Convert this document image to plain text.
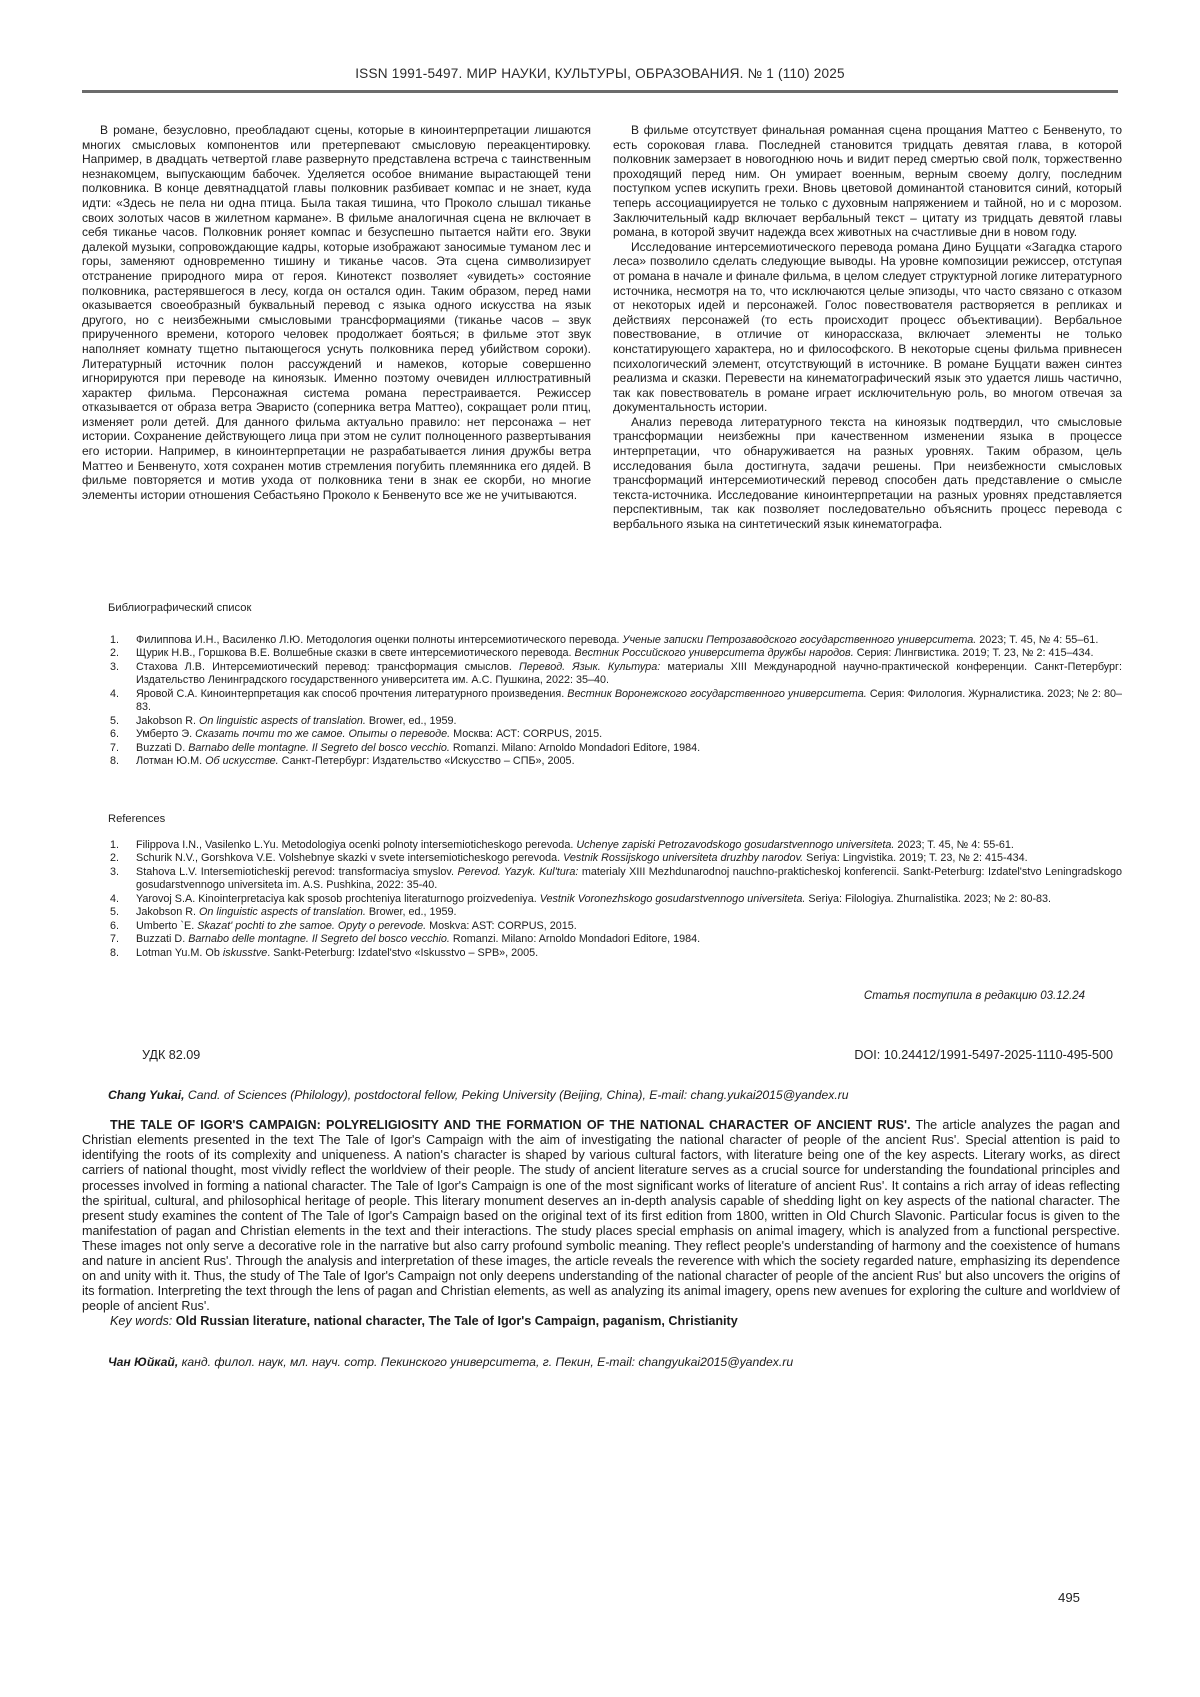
ISSN 1991-5497. МИР НАУКИ, КУЛЬТУРЫ, ОБРАЗОВАНИЯ. № 1 (110) 2025

В романе, безусловно, преобладают сцены, которые в киноинтерпретации лишаются многих смысловых компонентов или претерпевают смысловую переакцентировку. Например, в двадцать четвертой главе развернуто представлена встреча с таинственным незнакомцем, выпускающим бабочек. Уделяется особое внимание вырастающей тени полковника. В конце девятнадцатой главы полковник разбивает компас и не знает, куда идти: «Здесь не пела ни одна птица. Была такая тишина, что Проколо слышал тиканье своих золотых часов в жилетном кармане». В фильме аналогичная сцена не включает в себя тиканье часов. Полковник роняет компас и безуспешно пытается найти его. Звуки далекой музыки, сопровождающие кадры, которые изображают заносимые туманом лес и горы, заменяют одновременно тишину и тиканье часов. Эта сцена символизирует отстранение природного мира от героя. Кинотекст позволяет «увидеть» состояние полковника, растерявшегося в лесу, когда он остался один. Таким образом, перед нами оказывается своеобразный буквальный перевод с языка одного искусства на язык другого, но с неизбежными смысловыми трансформациями (тиканье часов – звук прирученного времени, которого человек продолжает бояться; в фильме этот звук наполняет комнату тщетно пытающегося уснуть полковника перед убийством сороки). Литературный источник полон рассуждений и намеков, которые совершенно игнорируются при переводе на киноязык. Именно поэтому очевиден иллюстративный характер фильма. Персонажная система романа перестраивается. Режиссер отказывается от образа ветра Эваристо (соперника ветра Маттео), сокращает роли птиц, изменяет роли детей. Для данного фильма актуально правило: нет персонажа – нет истории. Сохранение действующего лица при этом не сулит полноценного развертывания его истории. Например, в киноинтерпретации не разрабатывается линия дружбы ветра Маттео и Бенвенуто, хотя сохранен мотив стремления погубить племянника его дядей. В фильме повторяется и мотив ухода от полковника тени в знак ее скорби, но многие элементы истории отношения Себастьяно Проколо к Бенвенуто все же не учитываются.

В фильме отсутствует финальная романная сцена прощания Маттео с Бенвенуто, то есть сороковая глава. Последней становится тридцать девятая глава, в которой полковник замерзает в новогоднюю ночь и видит перед смертью свой полк, торжественно проходящий перед ним. Он умирает военным, верным своему долгу, последним поступком успев искупить грехи. Вновь цветовой доминантой становится синий, который теперь ассоциациируется не только с духовным напряжением и тайной, но и с морозом. Заключительный кадр включает вербальный текст – цитату из тридцать девятой главы романа, в которой звучит надежда всех животных на счастливые дни в новом году.

Исследование интерсемиотического перевода романа Дино Буццати «Загадка старого леса» позволило сделать следующие выводы. На уровне композиции режиссер, отступая от романа в начале и финале фильма, в целом следует структурной логике литературного источника, несмотря на то, что исключаются целые эпизоды, что часто связано с отказом от некоторых идей и персонажей. Голос повествователя растворяется в репликах и действиях персонажей (то есть происходит процесс объективации). Вербальное повествование, в отличие от кинорассказа, включает элементы не только констатирующего характера, но и философского. В некоторые сцены фильма привнесен психологический элемент, отсутствующий в источнике. В романе Буццати важен синтез реализма и сказки. Перевести на кинематографический язык это удается лишь частично, так как повествователь в романе играет исключительную роль, во многом отвечая за документальность истории.

Анализ перевода литературного текста на киноязык подтвердил, что смысловые трансформации неизбежны при качественном изменении языка в процессе интерпретации, что обнаруживается на разных уровнях. Таким образом, цель исследования была достигнута, задачи решены. При неизбежности смысловых трансформаций интерсемиотический перевод способен дать представление о смысле текста-источника. Исследование киноинтерпретации на разных уровнях представляется перспективным, так как позволяет последовательно объяснить процесс перевода с вербального языка на синтетический язык кинематографа.

Библиографический список
1. Филиппова И.Н., Василенко Л.Ю. Методология оценки полноты интерсемиотического перевода. Ученые записки Петрозаводского государственного университета. 2023; Т. 45, № 4: 55–61.
2. Щурик Н.В., Горшкова В.Е. Волшебные сказки в свете интерсемиотического перевода. Вестник Российского университета дружбы народов. Серия: Лингвистика. 2019; Т. 23, № 2: 415–434.
3. Стахова Л.В. Интерсемиотический перевод: трансформация смыслов. Перевод. Язык. Культура: материалы XIII Международной научно-практической конференции. Санкт-Петербург: Издательство Ленинградского государственного университета им. А.С. Пушкина, 2022: 35–40.
4. Яровой С.А. Киноинтерпретация как способ прочтения литературного произведения. Вестник Воронежского государственного университета. Серия: Филология. Журналистика. 2023; № 2: 80–83.
5. Jakobson R. On linguistic aspects of translation. Brower, ed., 1959.
6. Умберто Э. Сказать почти то же самое. Опыты о переводе. Москва: АСТ: CORPUS, 2015.
7. Buzzati D. Barnabo delle montagne. Il Segreto del bosco vecchio. Romanzi. Milano: Arnoldo Mondadori Editore, 1984.
8. Лотман Ю.М. Об искусстве. Санкт-Петербург: Издательство «Искусство – СПБ», 2005.
References
1. Filippova I.N., Vasilenko L.Yu. Metodologiya ocenki polnoty intersemioticheskogo perevoda. Uchenye zapiski Petrozavodskogo gosudarstvennogo universiteta. 2023; T. 45, № 4: 55-61.
2. Schurik N.V., Gorshkova V.E. Volshebnye skazki v svete intersemioticheskogo perevoda. Vestnik Rossijskogo universiteta druzhby narodov. Seriya: Lingvistika. 2019; T. 23, № 2: 415-434.
3. Stahova L.V. Intersemioticheskij perevod: transformaciya smyslov. Perevod. Yazyk. Kul'tura: materialy XIII Mezhdunarodnoj nauchno-prakticheskoj konferencii. Sankt-Peterburg: Izdatel'stvo Leningradskogo gosudarstvennogo universiteta im. A.S. Pushkina, 2022: 35-40.
4. Yarovoj S.A. Kinointerpretaciya kak sposob prochteniya literaturnogo proizvedeniya. Vestnik Voronezhskogo gosudarstvennogo universiteta. Seriya: Filologiya. Zhurnalistika. 2023; № 2: 80-83.
5. Jakobson R. On linguistic aspects of translation. Brower, ed., 1959.
6. Umberto `E. Skazat' pochti to zhe samoe. Opyty o perevode. Moskva: AST: CORPUS, 2015.
7. Buzzati D. Barnabo delle montagne. Il Segreto del bosco vecchio. Romanzi. Milano: Arnoldo Mondadori Editore, 1984.
8. Lotman Yu.M. Ob iskusstve. Sankt-Peterburg: Izdatel'stvo «Iskusstvo – SPB», 2005.
Статья поступила в редакцию 03.12.24
УДК 82.09	DOI: 10.24412/1991-5497-2025-1110-495-500
Chang Yukai, Cand. of Sciences (Philology), postdoctoral fellow, Peking University (Beijing, China), E-mail: chang.yukai2015@yandex.ru

THE TALE OF IGOR'S CAMPAIGN: POLYRELIGIOSITY AND THE FORMATION OF THE NATIONAL CHARACTER OF ANCIENT RUS'. The article analyzes the pagan and Christian elements presented in the text The Tale of Igor's Campaign with the aim of investigating the national character of people of the ancient Rus'. Special attention is paid to identifying the roots of its complexity and uniqueness. A nation's character is shaped by various cultural factors, with literature being one of the key aspects. Literary works, as direct carriers of national thought, most vividly reflect the worldview of their people. The study of ancient literature serves as a crucial source for understanding the foundational principles and processes involved in forming a national character. The Tale of Igor's Campaign is one of the most significant works of literature of ancient Rus'. It contains a rich array of ideas reflecting the spiritual, cultural, and philosophical heritage of people. This literary monument deserves an in-depth analysis capable of shedding light on key aspects of the national character. The present study examines the content of The Tale of Igor's Campaign based on the original text of its first edition from 1800, written in Old Church Slavonic. Particular focus is given to the manifestation of pagan and Christian elements in the text and their interactions. The study places special emphasis on animal imagery, which is analyzed from a functional perspective. These images not only serve a decorative role in the narrative but also carry profound symbolic meaning. They reflect people's understanding of harmony and the coexistence of humans and nature in ancient Rus'. Through the analysis and interpretation of these images, the article reveals the reverence with which the society regarded nature, emphasizing its dependence on and unity with it. Thus, the study of The Tale of Igor's Campaign not only deepens understanding of the national character of people of the ancient Rus' but also uncovers the origins of its formation. Interpreting the text through the lens of pagan and Christian elements, as well as analyzing its animal imagery, opens new avenues for exploring the culture and worldview of people of ancient Rus'.

Key words: Old Russian literature, national character, The Tale of Igor's Campaign, paganism, Christianity

Чан Юйкай, канд. филол. наук, мл. науч. сотр. Пекинского университета, г. Пекин, E-mail: changyukai2015@yandex.ru
495
